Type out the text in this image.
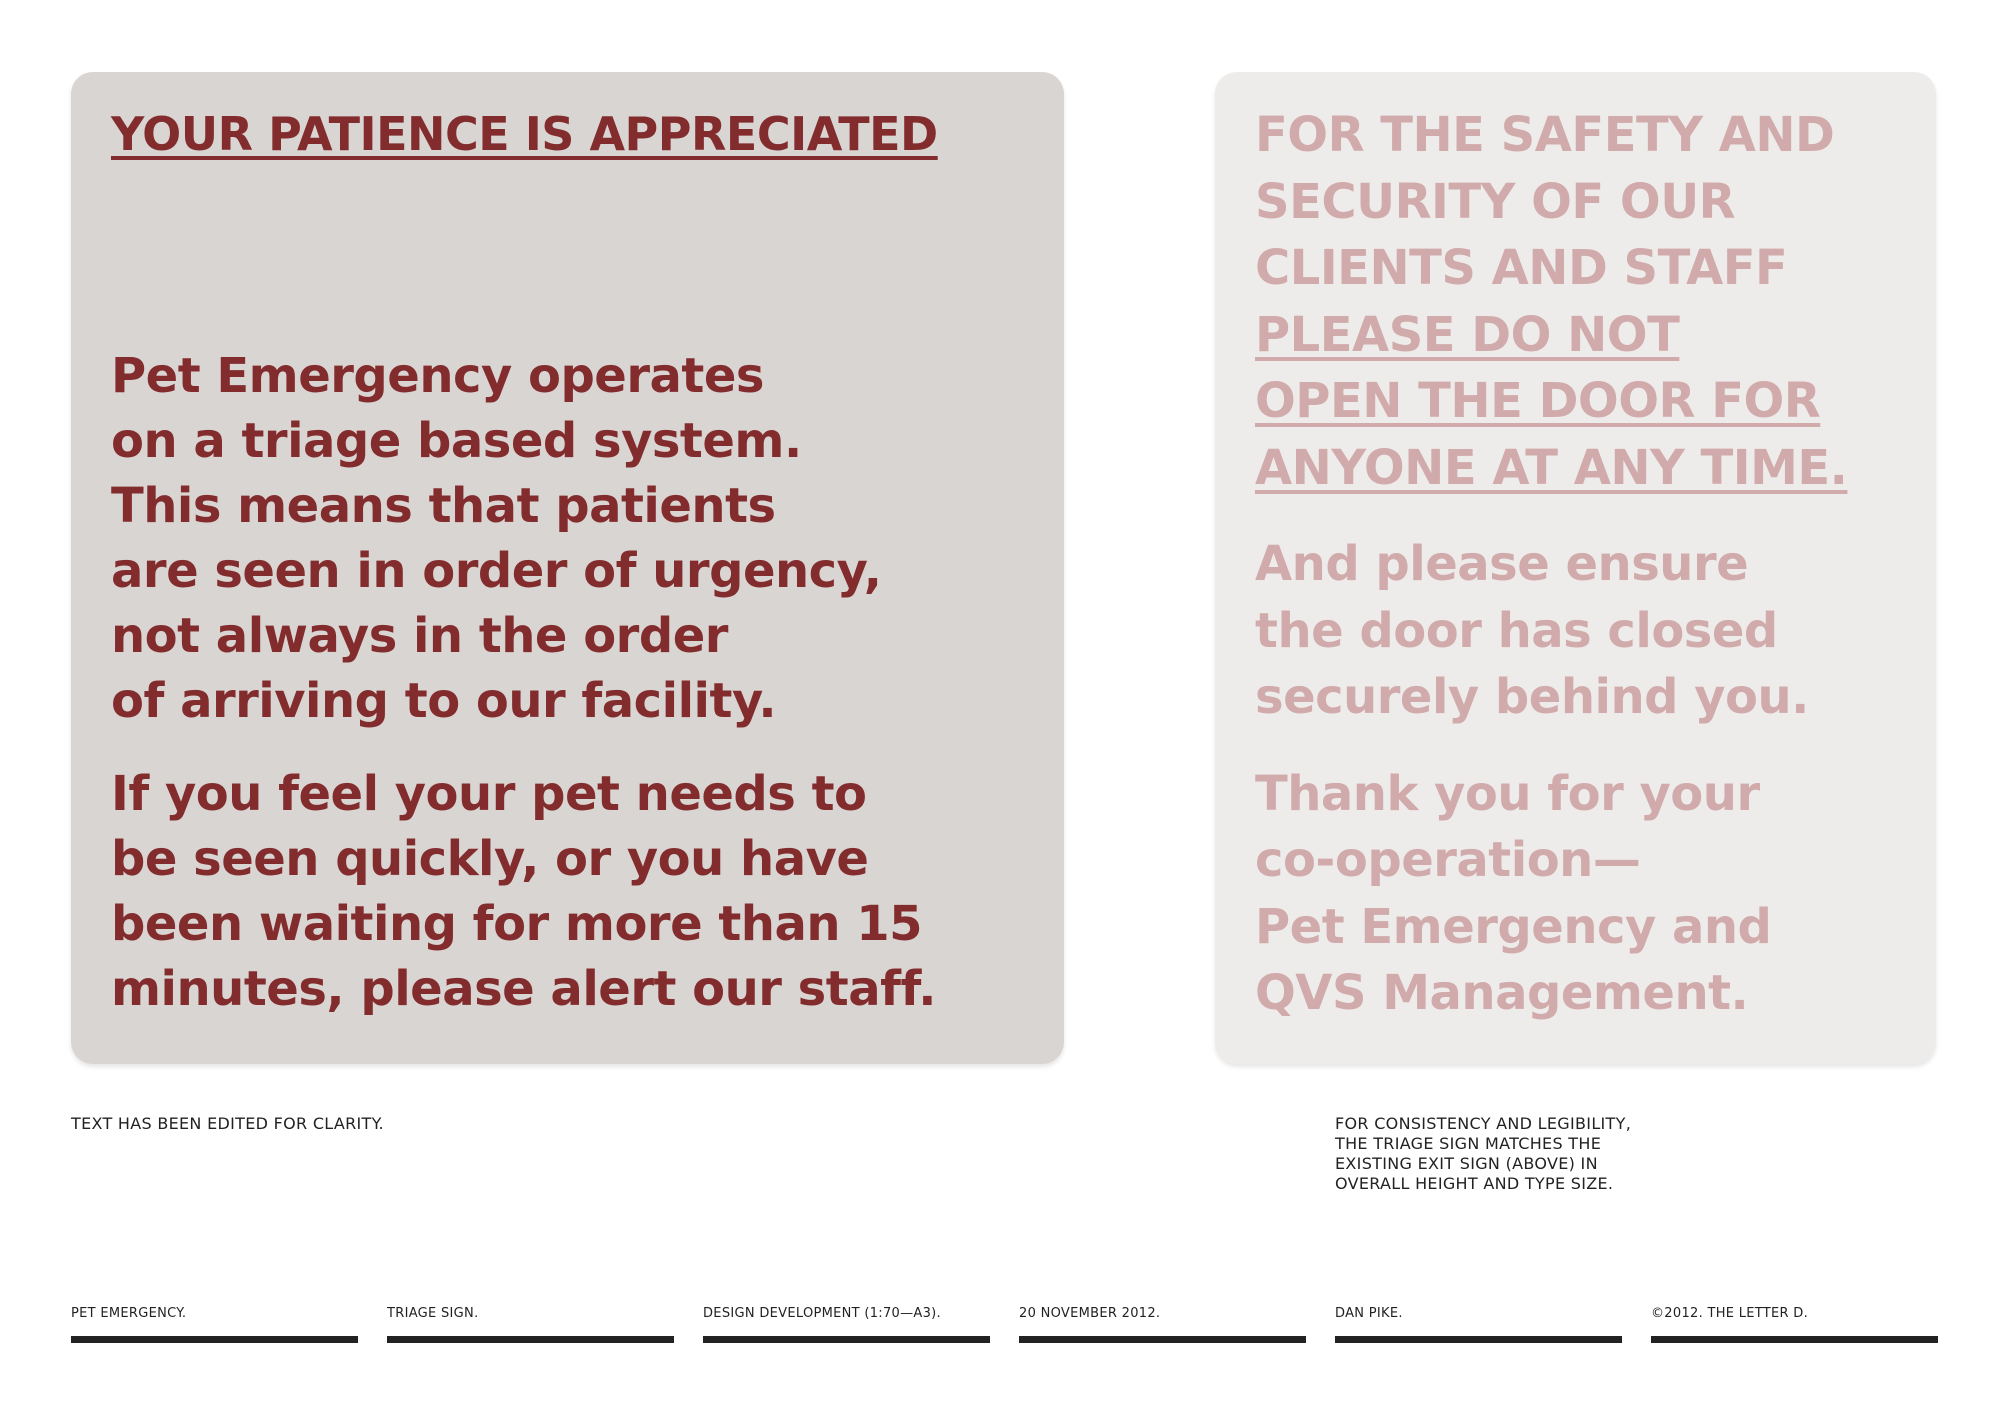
YOUR PATIENCE IS APPRECIATED

Pet Emergency operates
on a triage based system.
This means that patients
are seen in order of urgency,
not always in the order
of arriving to our facility.

If you feel your pet needs to
be seen quickly, or you have
been waiting for more than 15
minutes, please alert our staff.

FOR THE SAFETY AND
SECURITY OF OUR
CLIENTS AND STAFF
PLEASE DO NOT
OPEN THE DOOR FOR
ANYONE AT ANY TIME.

And please ensure
the door has closed
securely behind you.

Thank you for your
co-operation—
Pet Emergency and
QVS Management.

TEXT HAS BEEN EDITED FOR CLARITY.	FOR CONSISTENCY AND LEGIBILITY,
THE TRIAGE SIGN MATCHES THE
EXISTING EXIT SIGN (ABOVE) IN
OVERALL HEIGHT AND TYPE SIZE.

PET EMERGENCY.	TRIAGE SIGN.	DESIGN DEVELOPMENT (1:70—A3).	20 NOVEMBER 2012.	DAN PIKE.	©2012. THE LETTER D.
